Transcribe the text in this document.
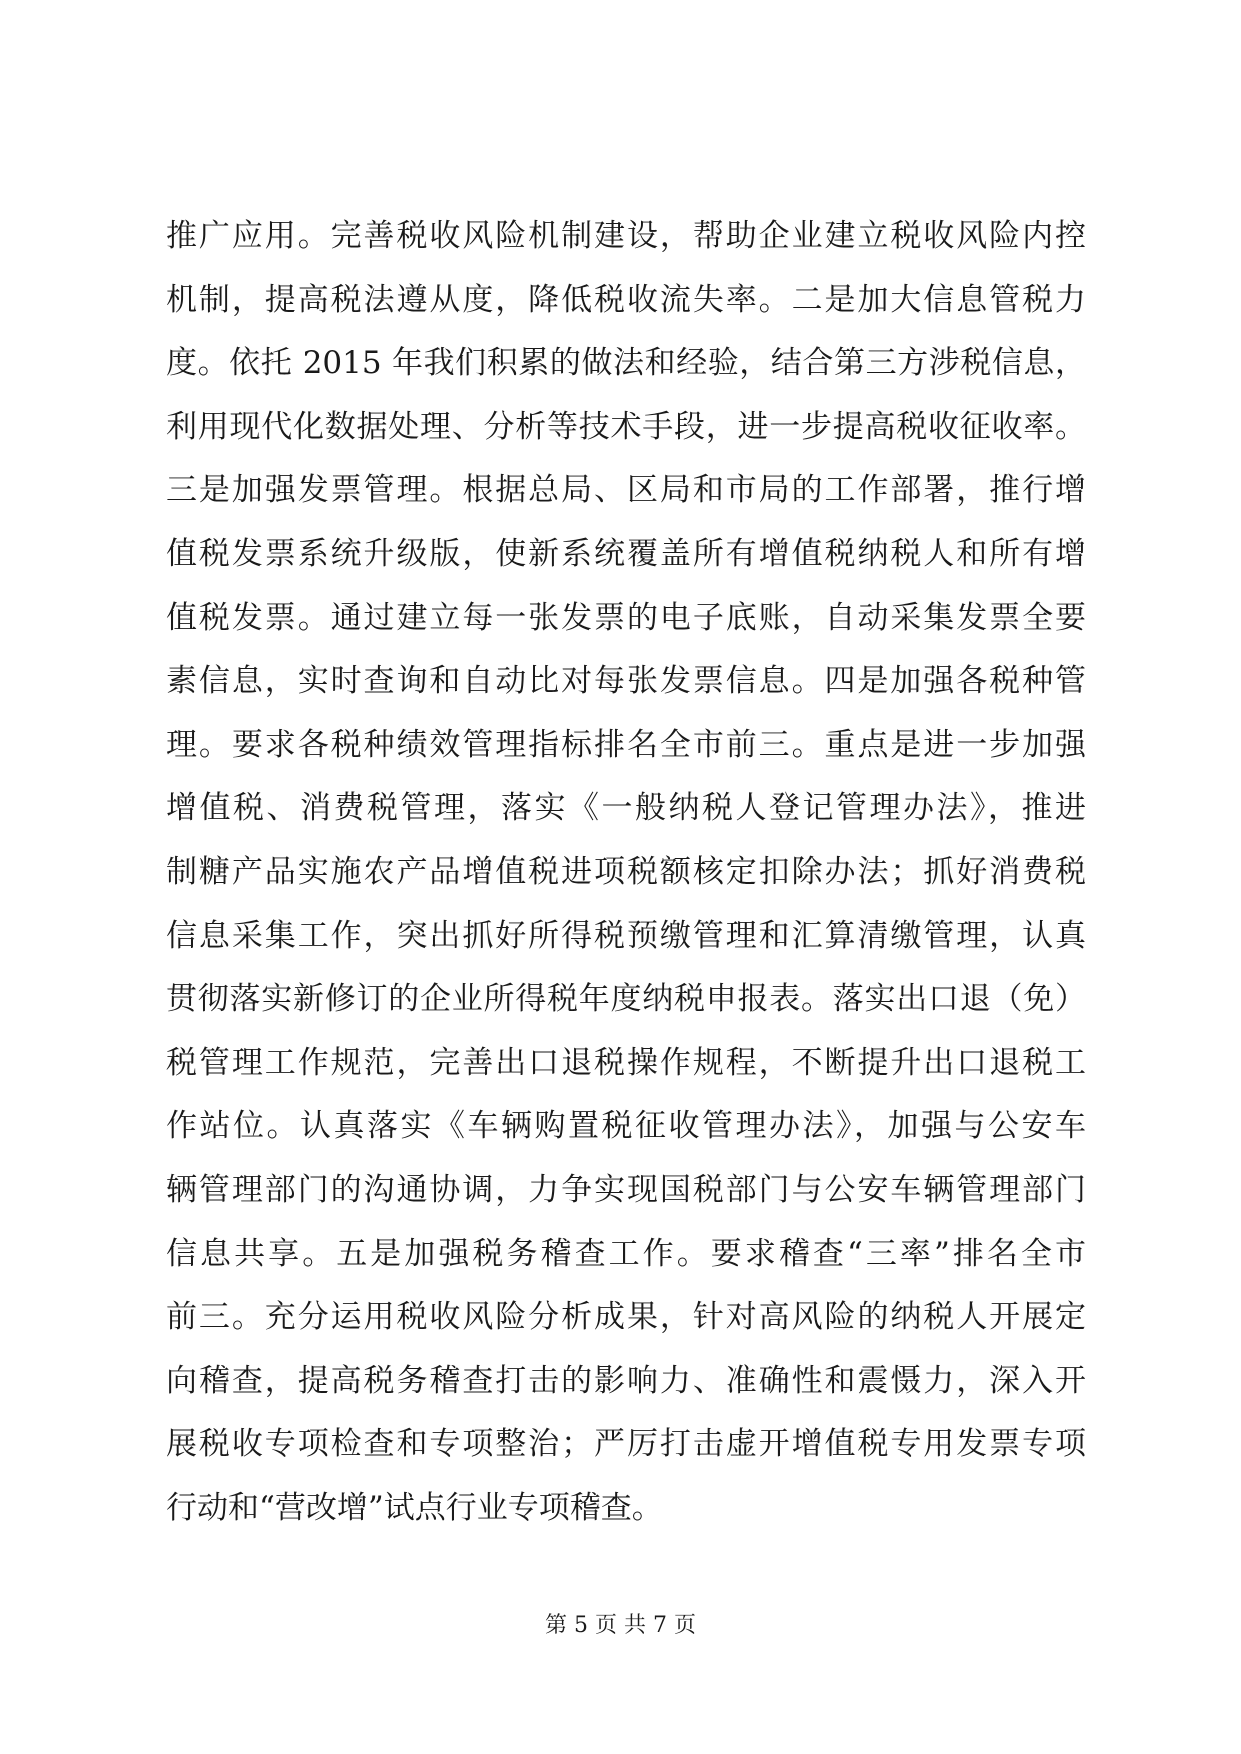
推广应用。完善税收风险机制建设，帮助企业建立税收风险内控
机制，提高税法遵从度，降低税收流失率。二是加大信息管税力
度。依托 2015 年我们积累的做法和经验，结合第三方涉税信息，
利用现代化数据处理、分析等技术手段，进一步提高税收征收率。
三是加强发票管理。根据总局、区局和市局的工作部署，推行增
值税发票系统升级版，使新系统覆盖所有增值税纳税人和所有增
值税发票。通过建立每一张发票的电子底账，自动采集发票全要
素信息，实时查询和自动比对每张发票信息。四是加强各税种管
理。要求各税种绩效管理指标排名全市前三。重点是进一步加强
增值税、消费税管理，落实《一般纳税人登记管理办法》，推进
制糖产品实施农产品增值税进项税额核定扣除办法；抓好消费税
信息采集工作，突出抓好所得税预缴管理和汇算清缴管理，认真
贯彻落实新修订的企业所得税年度纳税申报表。落实出口退（免）
税管理工作规范，完善出口退税操作规程，不断提升出口退税工
作站位。认真落实《车辆购置税征收管理办法》，加强与公安车
辆管理部门的沟通协调，力争实现国税部门与公安车辆管理部门
信息共享。五是加强税务稽查工作。要求稽查“三率”排名全市
前三。充分运用税收风险分析成果，针对高风险的纳税人开展定
向稽查，提高税务稽查打击的影响力、准确性和震慑力，深入开
展税收专项检查和专项整治；严厉打击虚开增值税专用发票专项
行动和“营改增”试点行业专项稽查。
第 5 页 共 7 页
